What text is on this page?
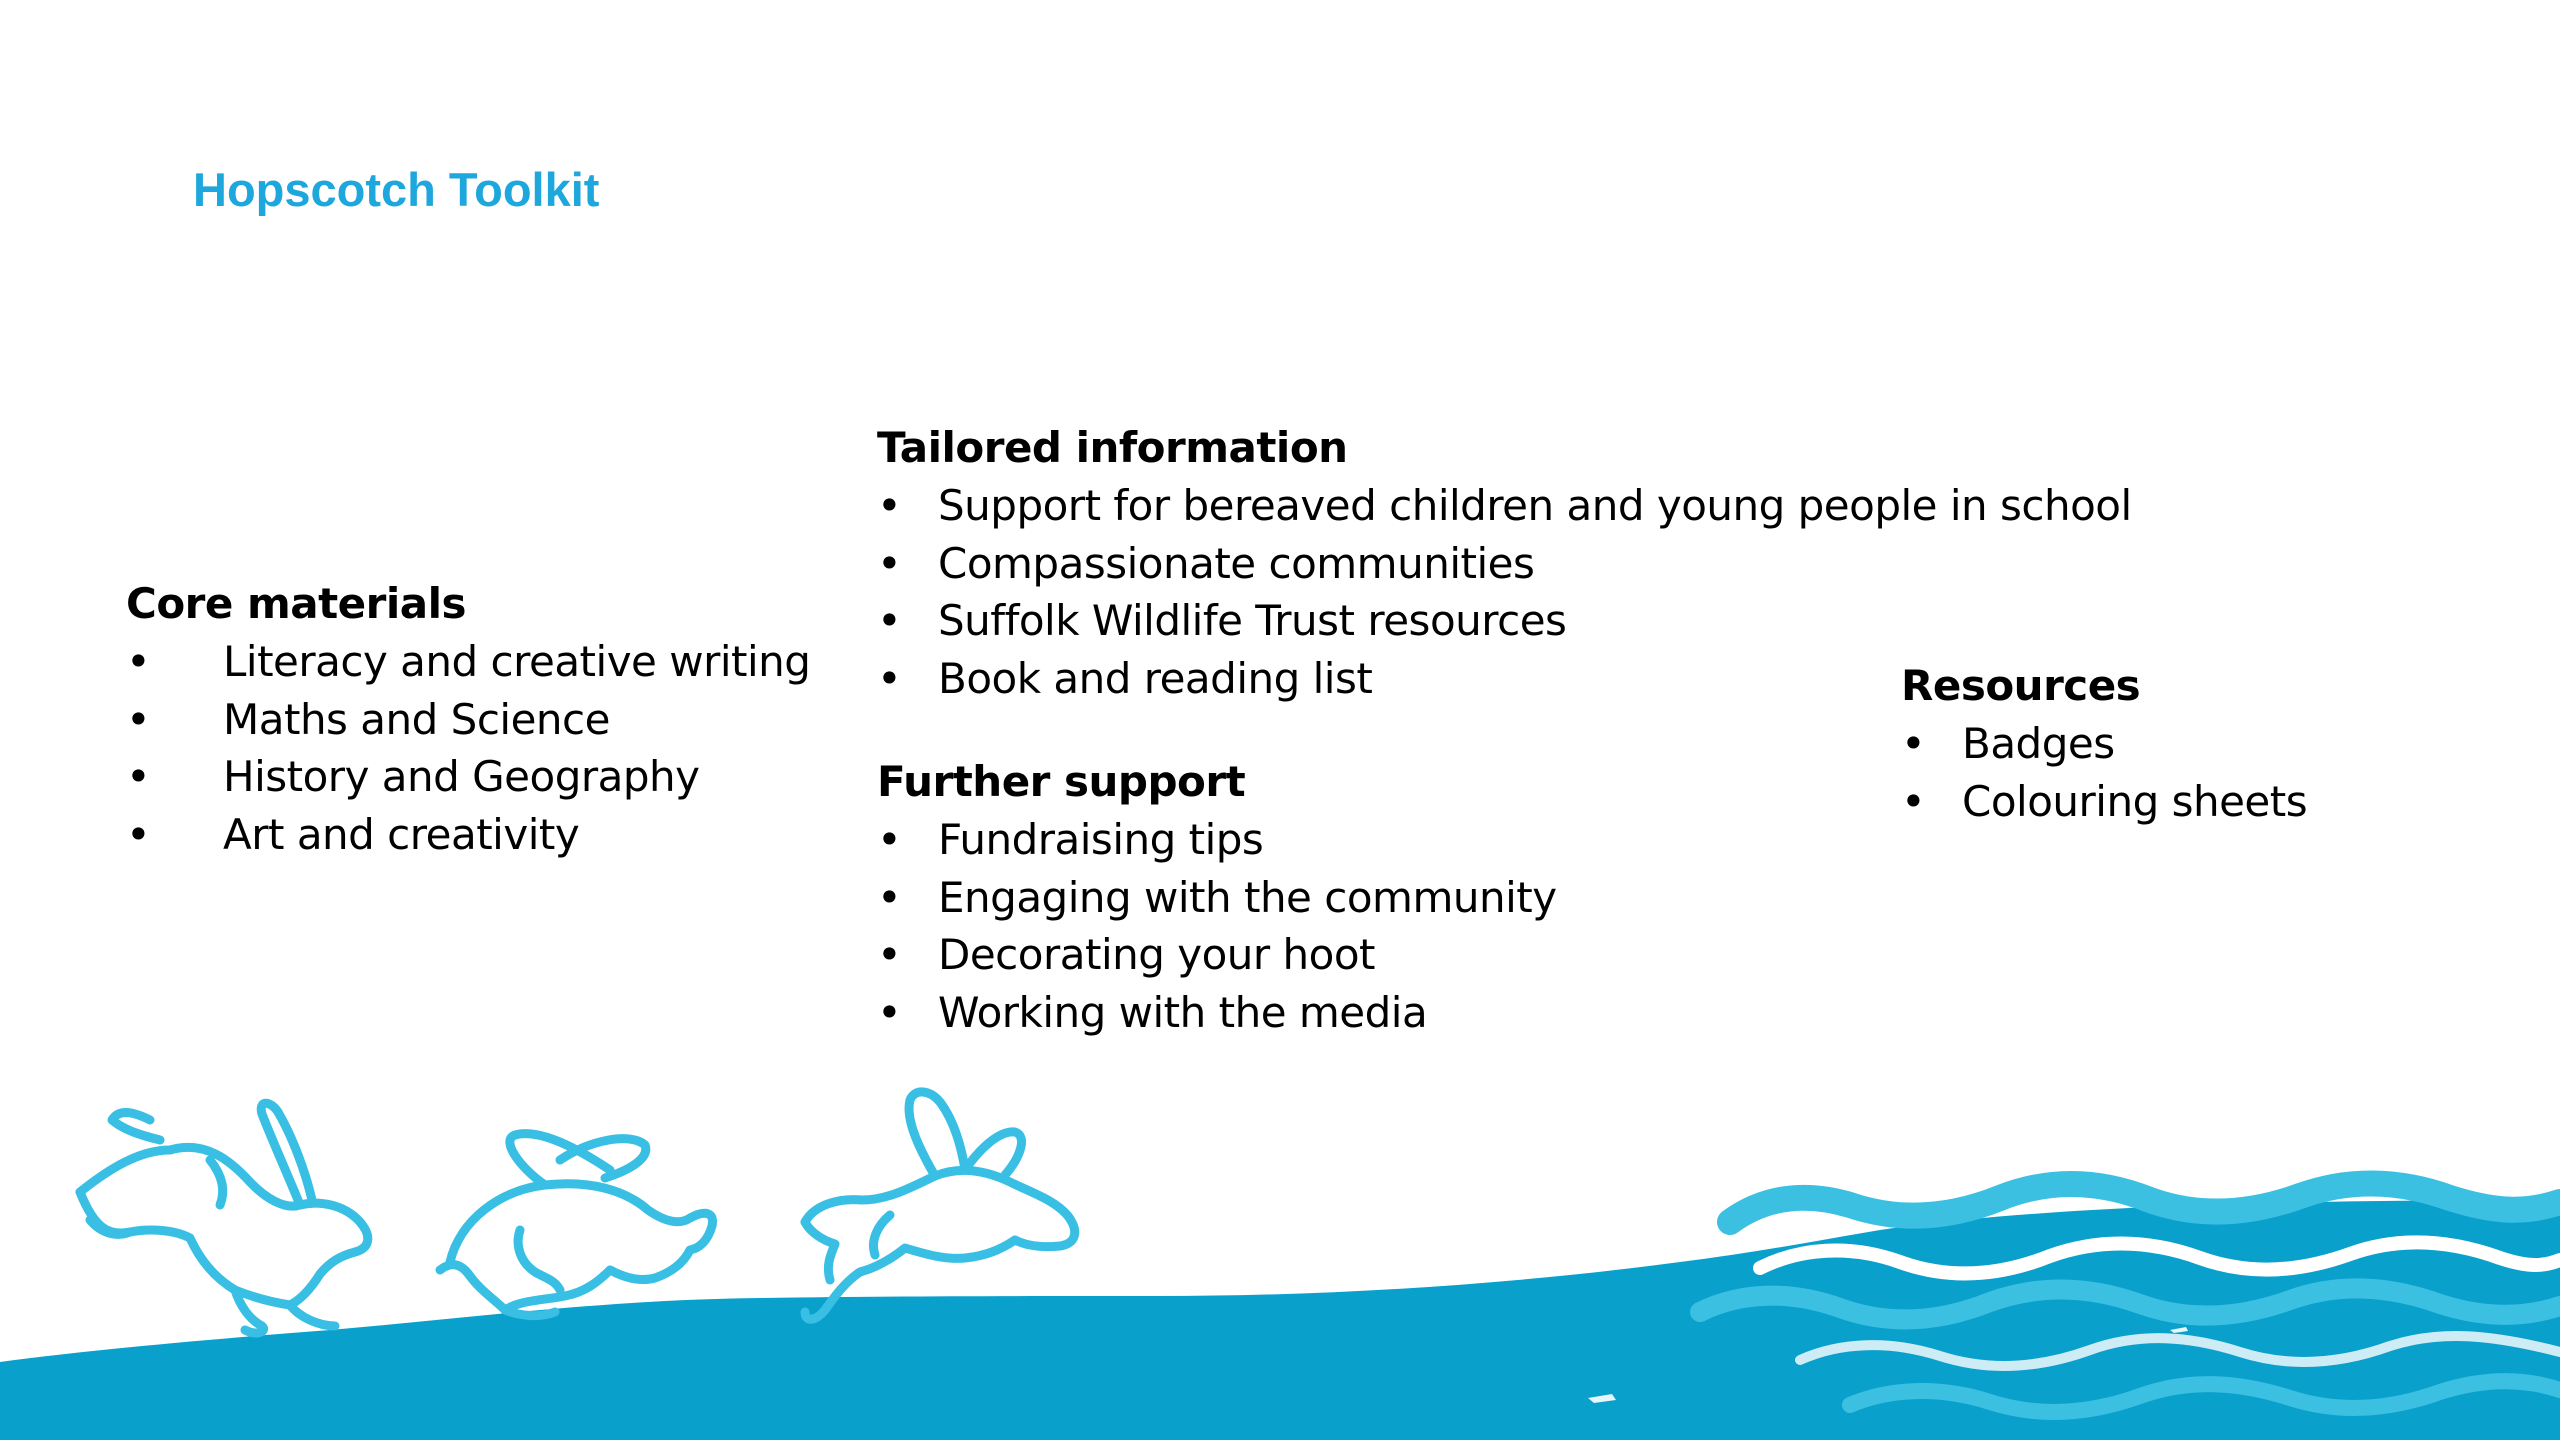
Hopscotch Toolkit
Core materials
• Literacy and creative writing
• Maths and Science
• History and Geography
• Art and creativity
Tailored information
• Support for bereaved children and young people in school
• Compassionate communities
• Suffolk Wildlife Trust resources
• Book and reading list
Further support
• Fundraising tips
• Engaging with the community
• Decorating your hoot
• Working with the media
Resources
• Badges
• Colouring sheets
